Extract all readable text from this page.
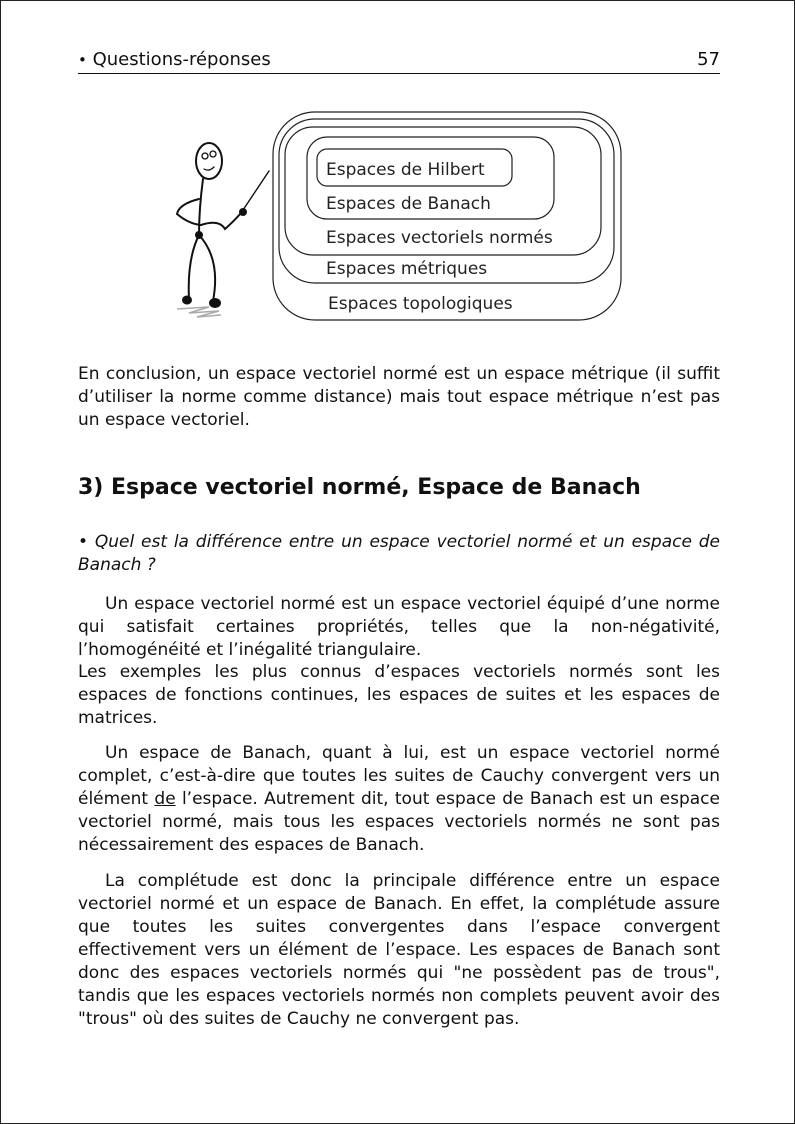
• Questions-réponses	57
Espaces de Hilbert
Espaces de Banach
Espaces vectoriels normés
Espaces métriques
Espaces topologiques
En conclusion, un espace vectoriel normé est un espace métrique (il suffit d’utiliser la norme comme distance) mais tout espace métrique n’est pas un espace vectoriel.
3) Espace vectoriel normé, Espace de Banach
• Quel est la différence entre un espace vectoriel normé et un espace de Banach ?
Un espace vectoriel normé est un espace vectoriel équipé d’une norme qui satisfait certaines propriétés, telles que la non-négativité, l’homogénéité et l’inégalité triangulaire.
Les exemples les plus connus d’espaces vectoriels normés sont les espaces de fonctions continues, les espaces de suites et les espaces de matrices.
Un espace de Banach, quant à lui, est un espace vectoriel normé complet, c’est-à-dire que toutes les suites de Cauchy convergent vers un élément de l’espace. Autrement dit, tout espace de Banach est un espace vectoriel normé, mais tous les espaces vectoriels normés ne sont pas nécessairement des espaces de Banach.
La complétude est donc la principale différence entre un espace vectoriel normé et un espace de Banach. En effet, la complétude assure que toutes les suites convergentes dans l’espace convergent effectivement vers un élément de l’espace. Les espaces de Banach sont donc des espaces vectoriels normés qui "ne possèdent pas de trous", tandis que les espaces vectoriels normés non complets peuvent avoir des "trous" où des suites de Cauchy ne convergent pas.
